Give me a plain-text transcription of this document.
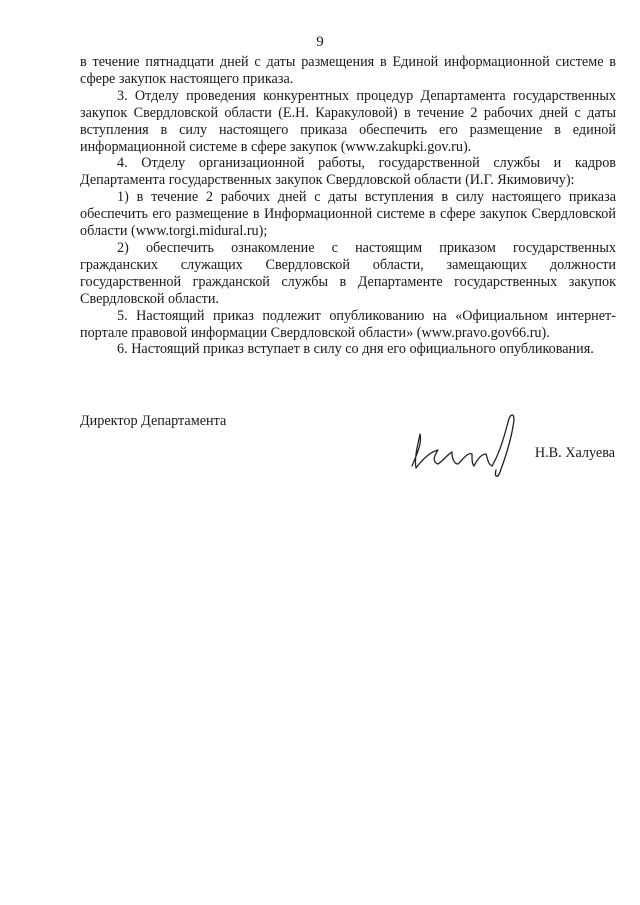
9

в течение пятнадцати дней с даты размещения в Единой информационной системе в сфере закупок настоящего приказа.

3. Отделу проведения конкурентных процедур Департамента государственных закупок Свердловской области (Е.Н. Каракуловой) в течение 2 рабочих дней с даты вступления в силу настоящего приказа обеспечить его размещение в единой информационной системе в сфере закупок (www.zakupki.gov.ru).

4. Отделу организационной работы, государственной службы и кадров Департамента государственных закупок Свердловской области (И.Г. Якимовичу):

1) в течение 2 рабочих дней с даты вступления в силу настоящего приказа обеспечить его размещение в Информационной системе в сфере закупок Свердловской области (www.torgi.midural.ru);

2) обеспечить ознакомление с настоящим приказом государственных гражданских служащих Свердловской области, замещающих должности государственной гражданской службы в Департаменте государственных закупок Свердловской области.

5. Настоящий приказ подлежит опубликованию на «Официальном интернет-портале правовой информации Свердловской области» (www.pravo.gov66.ru).

6. Настоящий приказ вступает в силу со дня его официального опубликования.

Директор Департамента
Н.В. Халуева
